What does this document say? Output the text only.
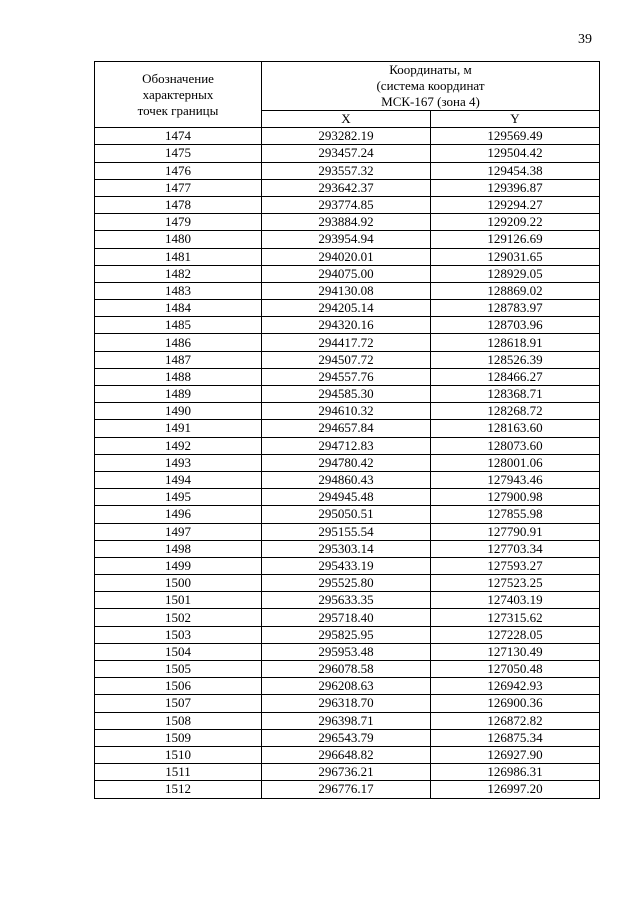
39
Обозначение
характерных
точек границы	Координаты, м
(система координат
МСК-167 (зона 4)	

	X	Y
1474	293282.19	129569.49
1475	293457.24	129504.42
1476	293557.32	129454.38
1477	293642.37	129396.87
1478	293774.85	129294.27
1479	293884.92	129209.22
1480	293954.94	129126.69
1481	294020.01	129031.65
1482	294075.00	128929.05
1483	294130.08	128869.02
1484	294205.14	128783.97
1485	294320.16	128703.96
1486	294417.72	128618.91
1487	294507.72	128526.39
1488	294557.76	128466.27
1489	294585.30	128368.71
1490	294610.32	128268.72
1491	294657.84	128163.60
1492	294712.83	128073.60
1493	294780.42	128001.06
1494	294860.43	127943.46
1495	294945.48	127900.98
1496	295050.51	127855.98
1497	295155.54	127790.91
1498	295303.14	127703.34
1499	295433.19	127593.27
1500	295525.80	127523.25
1501	295633.35	127403.19
1502	295718.40	127315.62
1503	295825.95	127228.05
1504	295953.48	127130.49
1505	296078.58	127050.48
1506	296208.63	126942.93
1507	296318.70	126900.36
1508	296398.71	126872.82
1509	296543.79	126875.34
1510	296648.82	126927.90
1511	296736.21	126986.31
1512	296776.17	126997.20
